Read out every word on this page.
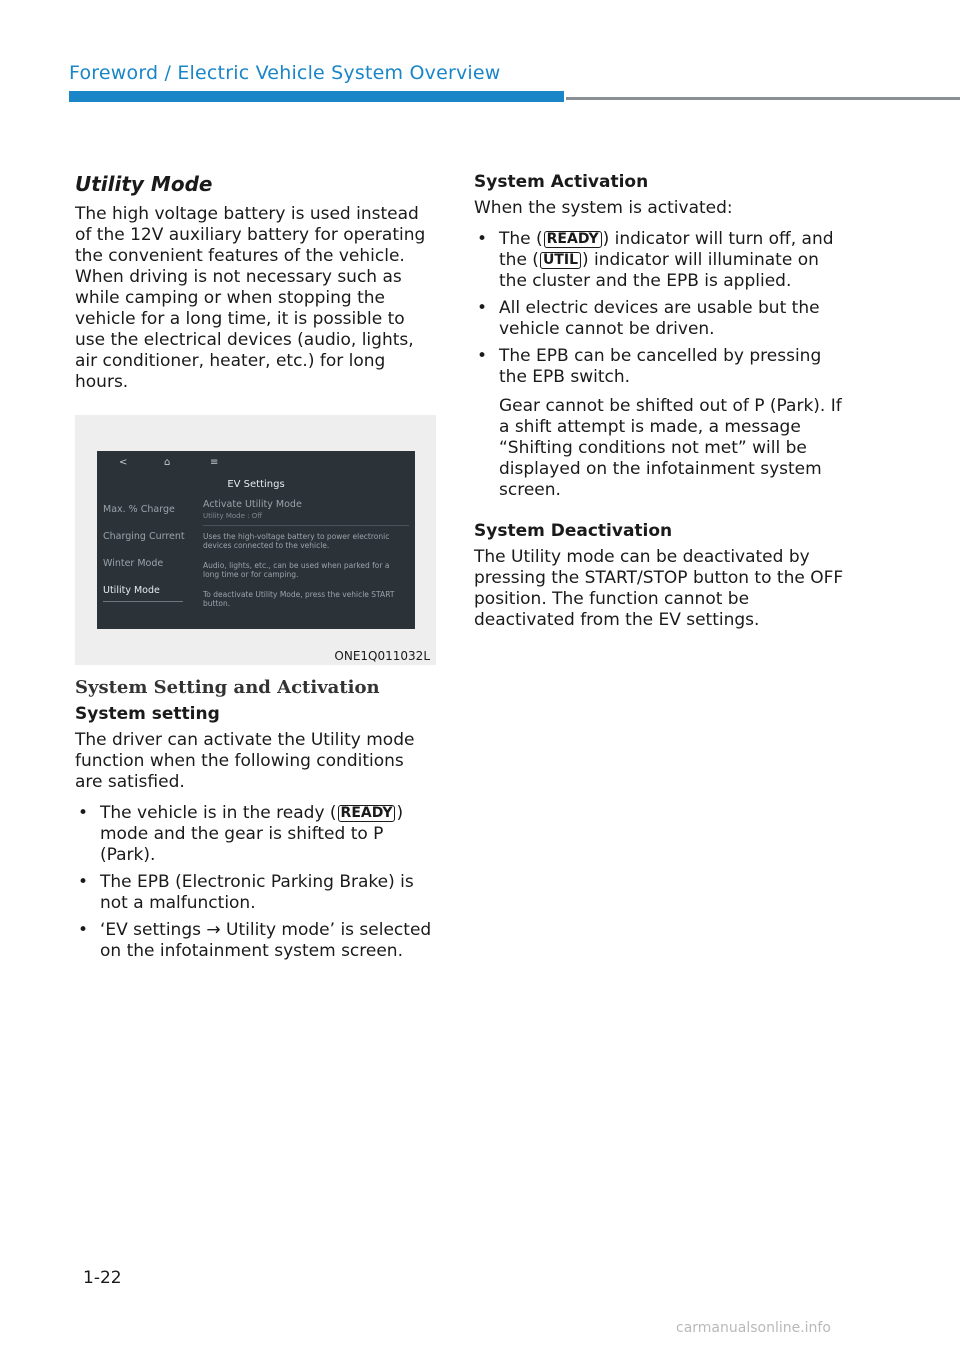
Foreword / Electric Vehicle System Overview
Utility Mode

The high voltage battery is used instead of the 12V auxiliary battery for operating the convenient features of the vehicle. When driving is not necessary such as while camping or when stopping the vehicle for a long time, it is possible to use the electrical devices (audio, lights, air conditioner, heater, etc.) for long hours.

<	⌂	≡
EV Settings
Max. % Charge
Charging Current
Winter Mode
Utility Mode
Activate Utility Mode
Utility Mode : Off
Uses the high-voltage battery to power electronic devices connected to the vehicle.
Audio, lights, etc., can be used when parked for a long time or for camping.
To deactivate Utility Mode, press the vehicle START button.
ONE1Q011032L
System Setting and Activation
System setting

The driver can activate the Utility mode function when the following conditions are satisfied.

• The vehicle is in the ready ( READY ) mode and the gear is shifted to P (Park).
• The EPB (Electronic Parking Brake) is not a malfunction.
• ‘EV settings → Utility mode’ is selected on the infotainment system screen.
System Activation

When the system is activated:

• The ( READY ) indicator will turn off, and the ( UTIL ) indicator will illuminate on the cluster and the EPB is applied.
• All electric devices are usable but the vehicle cannot be driven.
• The EPB can be cancelled by pressing the EPB switch.
Gear cannot be shifted out of P (Park). If a shift attempt is made, a message “Shifting conditions not met” will be displayed on the infotainment system screen.
System Deactivation

The Utility mode can be deactivated by pressing the START/STOP button to the OFF position. The function cannot be deactivated from the EV settings.

1-22
carmanualsonline.info
